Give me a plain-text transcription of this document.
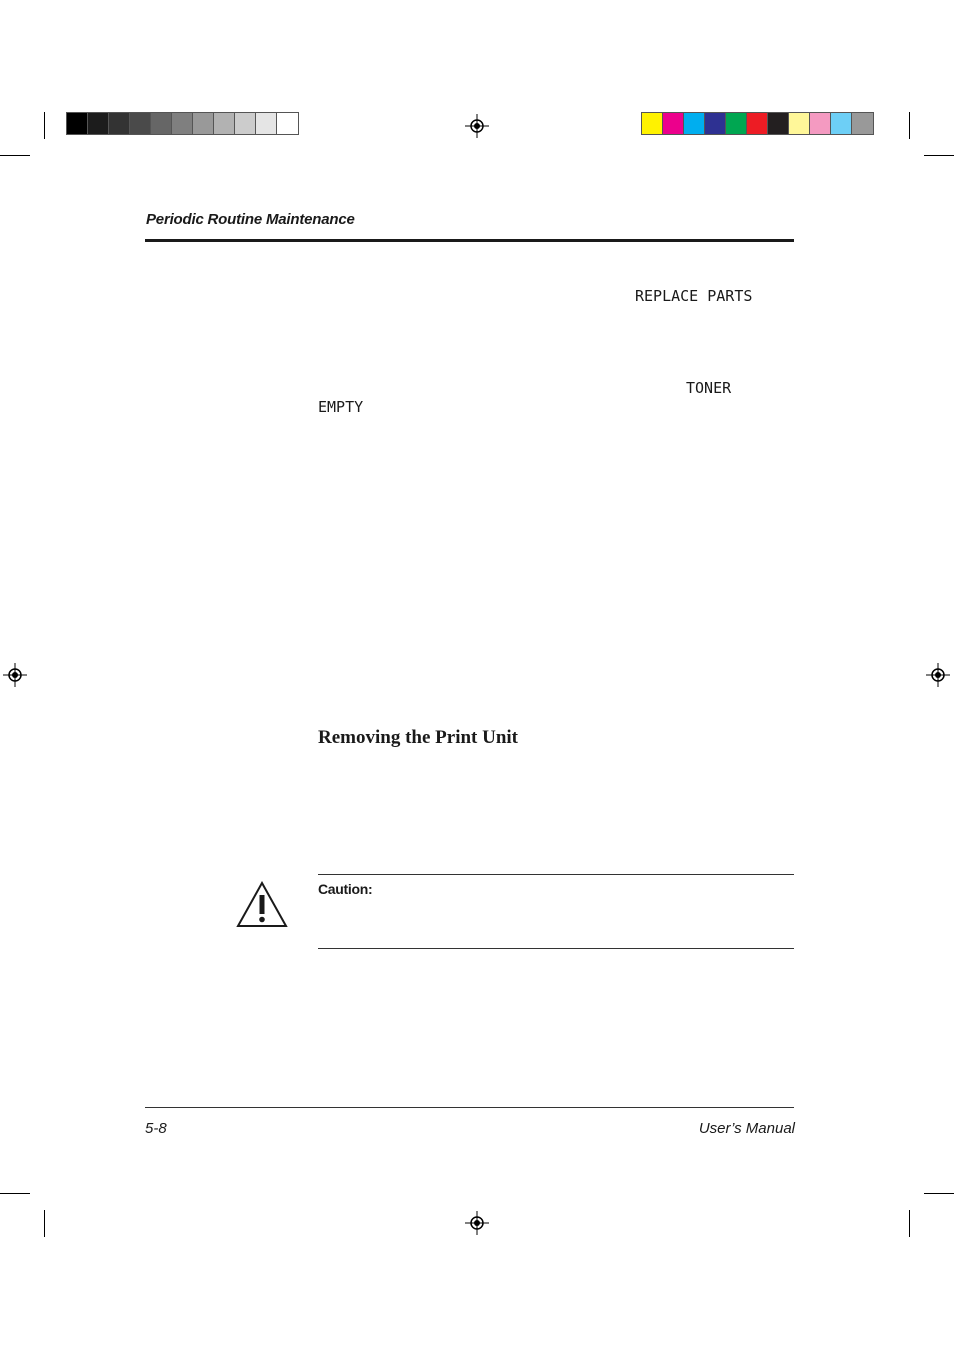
Periodic Routine Maintenance
REPLACE PARTS
TONER
EMPTY
Removing the Print Unit
Caution:
5-8	User’s Manual
